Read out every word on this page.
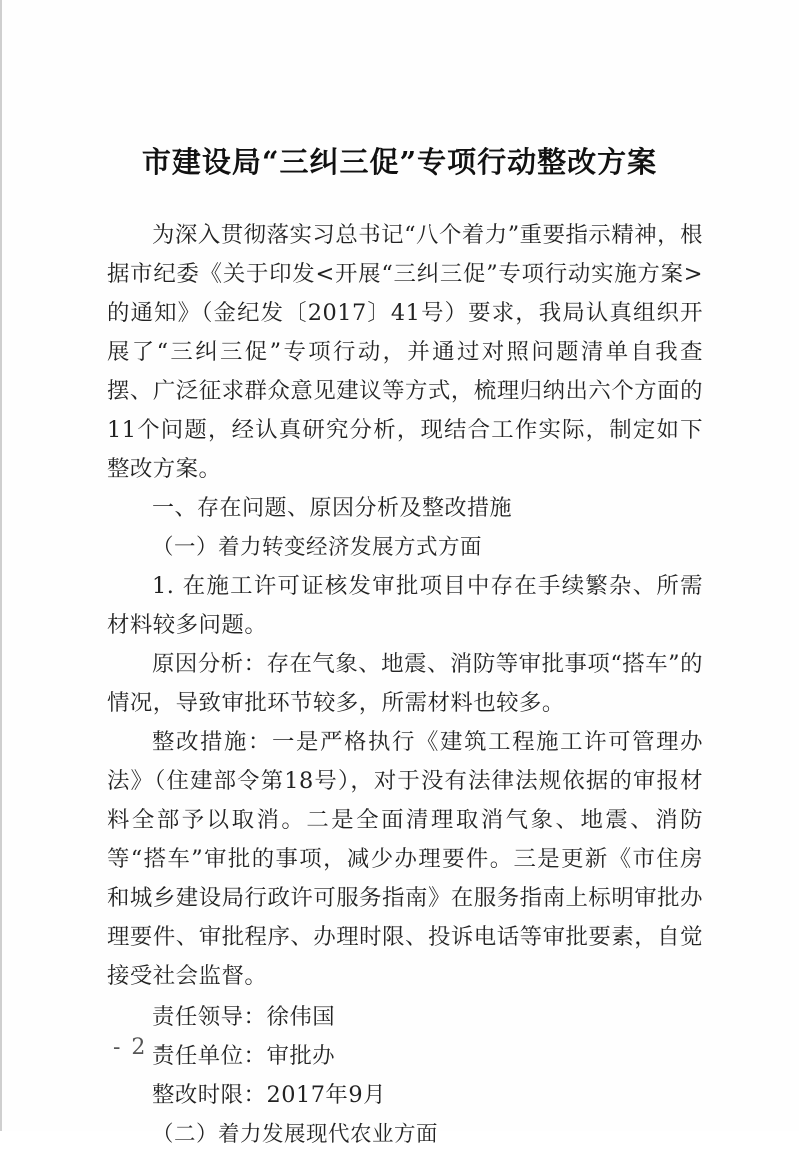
市建设局“三纠三促”专项行动整改方案

为深入贯彻落实习总书记“八个着力”重要指示精神，根据市纪委《关于印发<开展“三纠三促”专项行动实施方案>的通知》（金纪发〔2017〕41号）要求，我局认真组织开展了“三纠三促”专项行动，并通过对照问题清单自我查摆、广泛征求群众意见建议等方式，梳理归纳出六个方面的11个问题，经认真研究分析，现结合工作实际，制定如下整改方案。

一、存在问题、原因分析及整改措施

（一）着力转变经济发展方式方面

1. 在施工许可证核发审批项目中存在手续繁杂、所需材料较多问题。

原因分析：存在气象、地震、消防等审批事项“搭车”的情况，导致审批环节较多，所需材料也较多。

整改措施：一是严格执行《建筑工程施工许可管理办法》（住建部令第18号），对于没有法律法规依据的审报材料全部予以取消。二是全面清理取消气象、地震、消防等“搭车”审批的事项，减少办理要件。三是更新《市住房和城乡建设局行政许可服务指南》在服务指南上标明审批办理要件、审批程序、办理时限、投诉电话等审批要素，自觉接受社会监督。

责任领导：徐伟国

责任单位：审批办

整改时限：2017年9月

（二）着力发展现代农业方面

- 2 -
